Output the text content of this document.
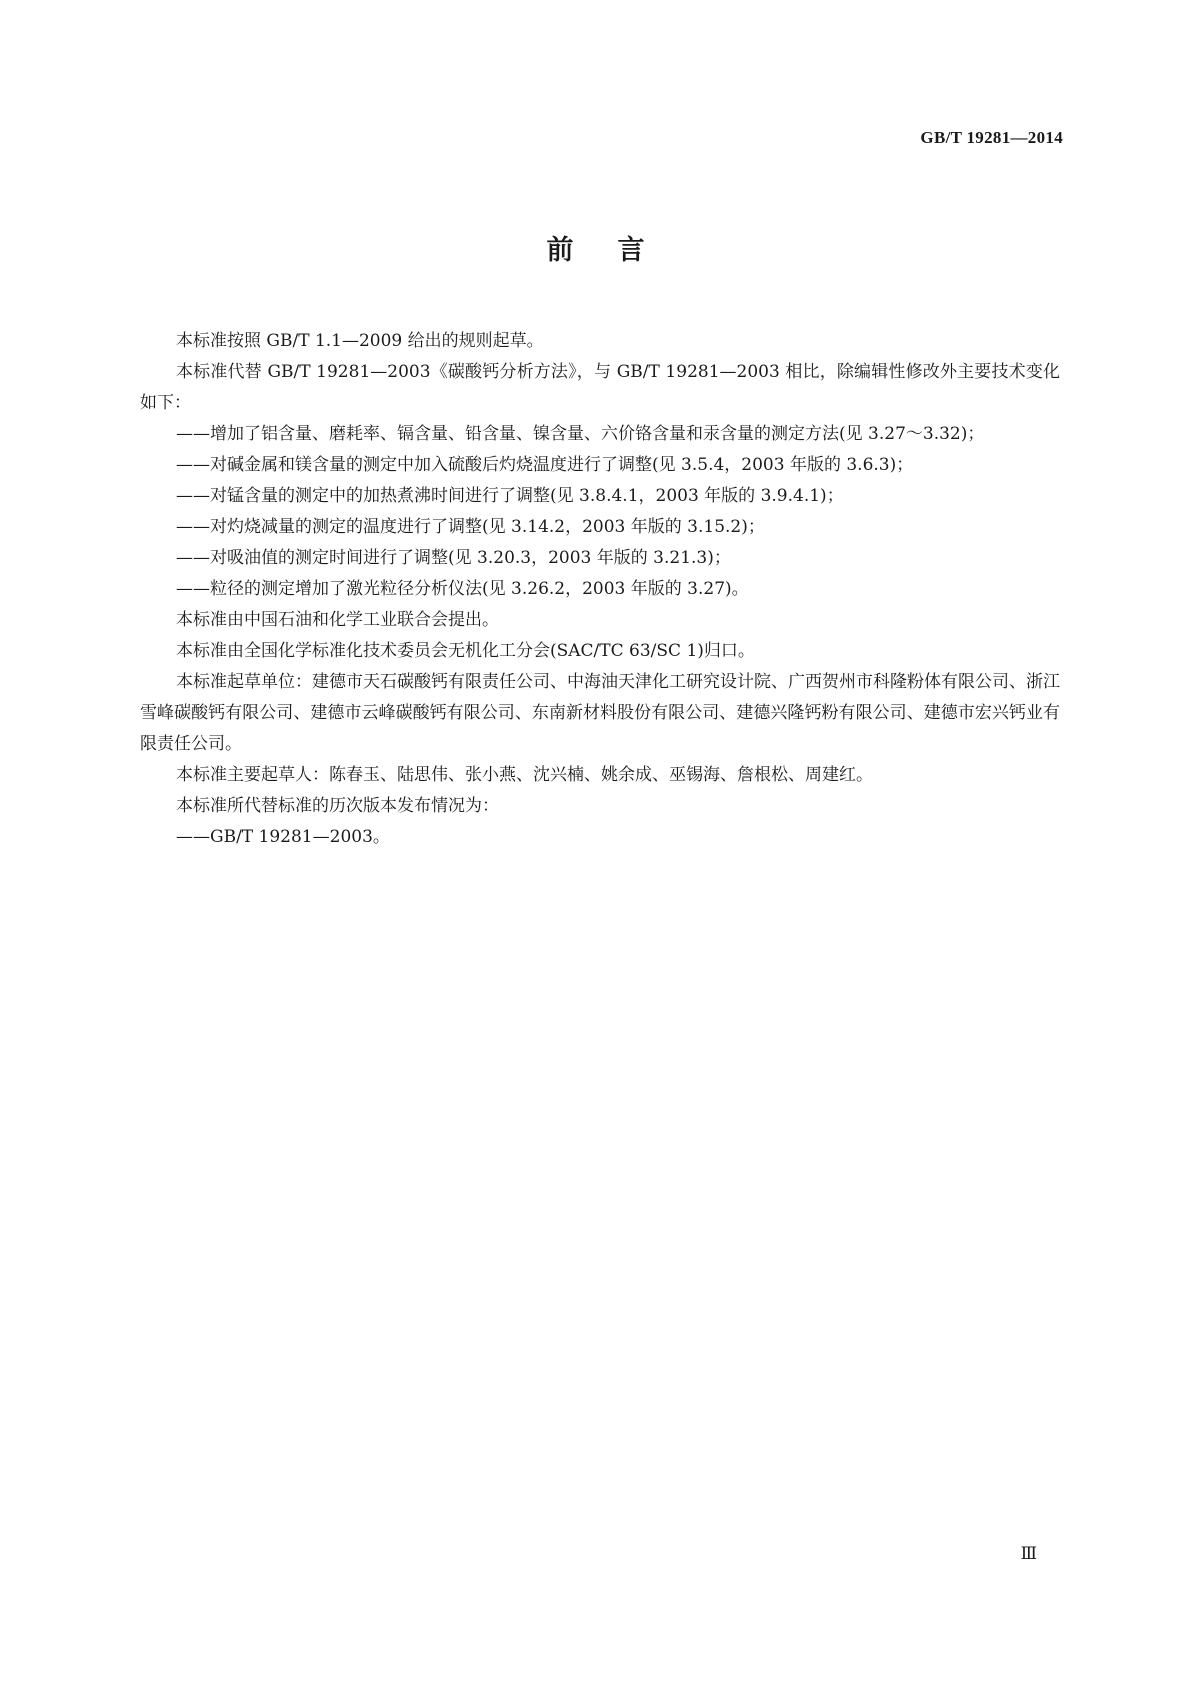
GB/T 19281—2014

前言

本标准按照 GB/T 1.1—2009 给出的规则起草。

本标准代替 GB/T 19281—2003《碳酸钙分析方法》，与 GB/T 19281—2003 相比，除编辑性修改外主要技术变化如下：

——增加了铝含量、磨耗率、镉含量、铅含量、镍含量、六价铬含量和汞含量的测定方法(见 3.27～3.32)；

——对碱金属和镁含量的测定中加入硫酸后灼烧温度进行了调整(见 3.5.4，2003 年版的 3.6.3)；

——对锰含量的测定中的加热煮沸时间进行了调整(见 3.8.4.1，2003 年版的 3.9.4.1)；

——对灼烧减量的测定的温度进行了调整(见 3.14.2，2003 年版的 3.15.2)；

——对吸油值的测定时间进行了调整(见 3.20.3，2003 年版的 3.21.3)；

——粒径的测定增加了激光粒径分析仪法(见 3.26.2，2003 年版的 3.27)。

本标准由中国石油和化学工业联合会提出。

本标准由全国化学标准化技术委员会无机化工分会(SAC/TC 63/SC 1)归口。

本标准起草单位：建德市天石碳酸钙有限责任公司、中海油天津化工研究设计院、广西贺州市科隆粉体有限公司、浙江雪峰碳酸钙有限公司、建德市云峰碳酸钙有限公司、东南新材料股份有限公司、建德兴隆钙粉有限公司、建德市宏兴钙业有限责任公司。

本标准主要起草人：陈春玉、陆思伟、张小燕、沈兴楠、姚余成、巫锡海、詹根松、周建红。

本标准所代替标准的历次版本发布情况为：

——GB/T 19281—2003。

Ⅲ
